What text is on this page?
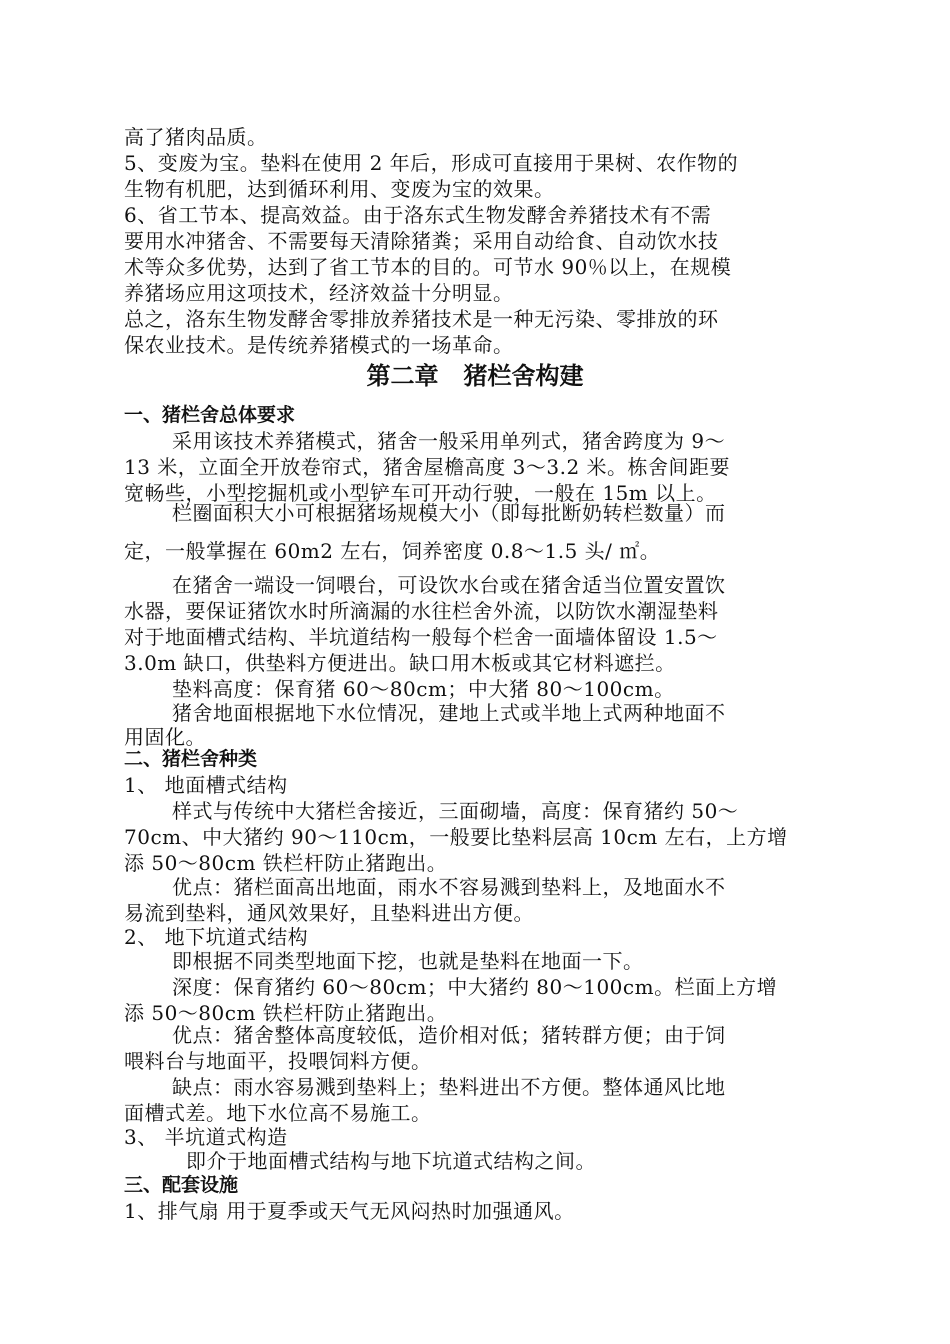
高了猪肉品质。

5、变废为宝。垫料在使用 2 年后，形成可直接用于果树、农作物的

生物有机肥，达到循环利用、变废为宝的效果。

6、省工节本、提高效益。由于洛东式生物发酵舍养猪技术有不需

要用水冲猪舍、不需要每天清除猪粪；采用自动给食、自动饮水技

术等众多优势，达到了省工节本的目的。可节水 90％以上，在规模

养猪场应用这项技术，经济效益十分明显。

总之，洛东生物发酵舍零排放养猪技术是一种无污染、零排放的环

保农业技术。是传统养猪模式的一场革命。

第二章   猪栏舍构建
一、猪栏舍总体要求

采用该技术养猪模式，猪舍一般采用单列式，猪舍跨度为 9～

13 米，立面全开放卷帘式，猪舍屋檐高度 3～3.2 米。栋舍间距要

宽畅些，小型挖掘机或小型铲车可开动行驶，一般在 15m 以上。

栏圈面积大小可根据猪场规模大小（即每批断奶转栏数量）而

定，一般掌握在 60m2 左右，饲养密度 0.8～1.5 头/ ㎡。

在猪舍一端设一饲喂台，可设饮水台或在猪舍适当位置安置饮

水器，要保证猪饮水时所滴漏的水往栏舍外流，以防饮水潮湿垫料

对于地面槽式结构、半坑道结构一般每个栏舍一面墙体留设 1.5～

3.0m 缺口，供垫料方便进出。缺口用木板或其它材料遮拦。

垫料高度：保育猪 60～80cm；中大猪 80～100cm。

猪舍地面根据地下水位情况，建地上式或半地上式两种地面不

用固化。

二、猪栏舍种类

1、 地面槽式结构

样式与传统中大猪栏舍接近，三面砌墙，高度：保育猪约 50～

70cm、中大猪约 90～110cm，一般要比垫料层高 10cm 左右，上方增

添 50～80cm 铁栏杆防止猪跑出。

优点：猪栏面高出地面，雨水不容易溅到垫料上，及地面水不

易流到垫料，通风效果好，且垫料进出方便。

2、 地下坑道式结构

即根据不同类型地面下挖，也就是垫料在地面一下。

深度：保育猪约 60～80cm；中大猪约 80～100cm。栏面上方增

添 50～80cm 铁栏杆防止猪跑出。

优点：猪舍整体高度较低，造价相对低；猪转群方便；由于饲

喂料台与地面平，投喂饲料方便。

缺点：雨水容易溅到垫料上；垫料进出不方便。整体通风比地

面槽式差。地下水位高不易施工。

3、 半坑道式构造

即介于地面槽式结构与地下坑道式结构之间。

三、配套设施

1、排气扇 用于夏季或天气无风闷热时加强通风。
